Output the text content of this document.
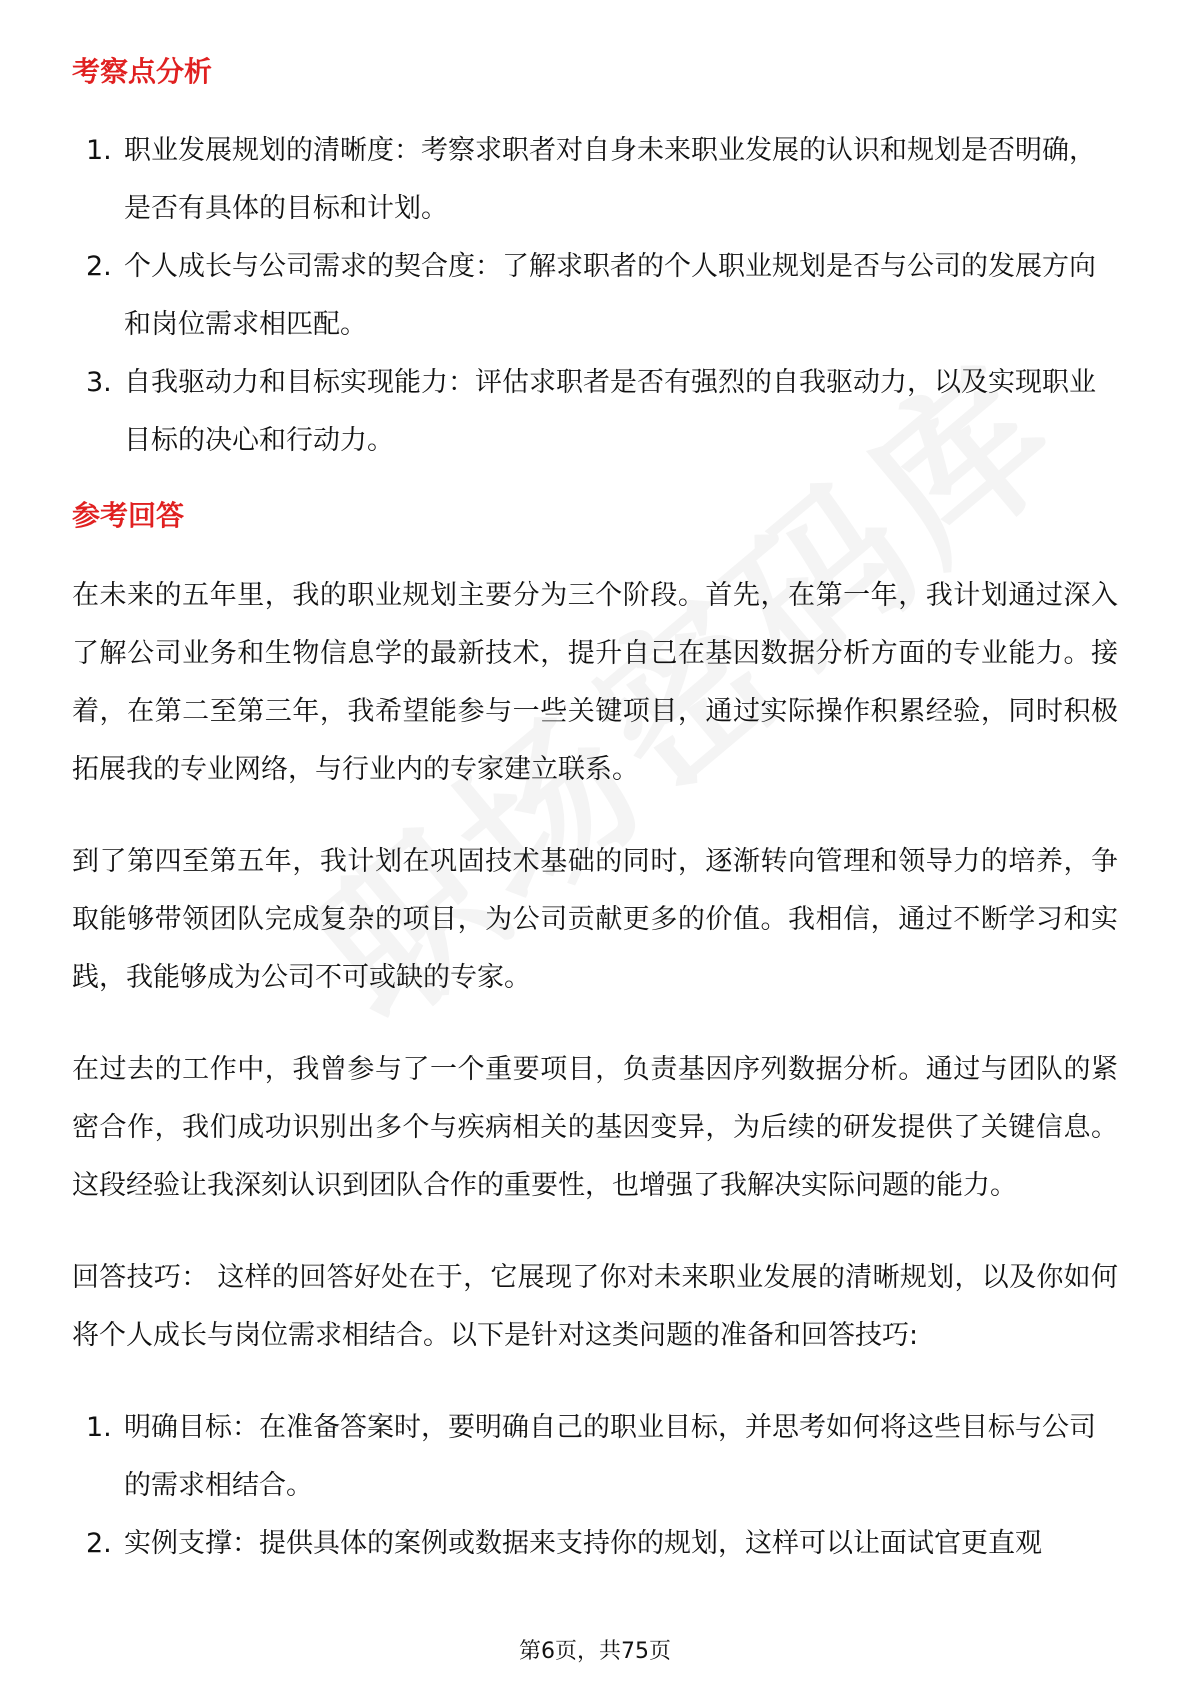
考察点分析
1. 职业发展规划的清晰度：考察求职者对自身未来职业发展的认识和规划是否明确，是否有具体的目标和计划。
2. 个人成长与公司需求的契合度：了解求职者的个人职业规划是否与公司的发展方向和岗位需求相匹配。
3. 自我驱动力和目标实现能力：评估求职者是否有强烈的自我驱动力，以及实现职业目标的决心和行动力。
参考回答

在未来的五年里，我的职业规划主要分为三个阶段。首先，在第一年，我计划通过深入了解公司业务和生物信息学的最新技术，提升自己在基因数据分析方面的专业能力。接着，在第二至第三年，我希望能参与一些关键项目，通过实际操作积累经验，同时积极拓展我的专业网络，与行业内的专家建立联系。

到了第四至第五年，我计划在巩固技术基础的同时，逐渐转向管理和领导力的培养，争取能够带领团队完成复杂的项目，为公司贡献更多的价值。我相信，通过不断学习和实践，我能够成为公司不可或缺的专家。

在过去的工作中，我曾参与了一个重要项目，负责基因序列数据分析。通过与团队的紧密合作，我们成功识别出多个与疾病相关的基因变异，为后续的研发提供了关键信息。这段经验让我深刻认识到团队合作的重要性，也增强了我解决实际问题的能力。

回答技巧： 这样的回答好处在于，它展现了你对未来职业发展的清晰规划，以及你如何将个人成长与岗位需求相结合。以下是针对这类问题的准备和回答技巧:

1. 明确目标：在准备答案时，要明确自己的职业目标，并思考如何将这些目标与公司的需求相结合。
2. 实例支撑：提供具体的案例或数据来支持你的规划，这样可以让面试官更直观
第6页，共75页
